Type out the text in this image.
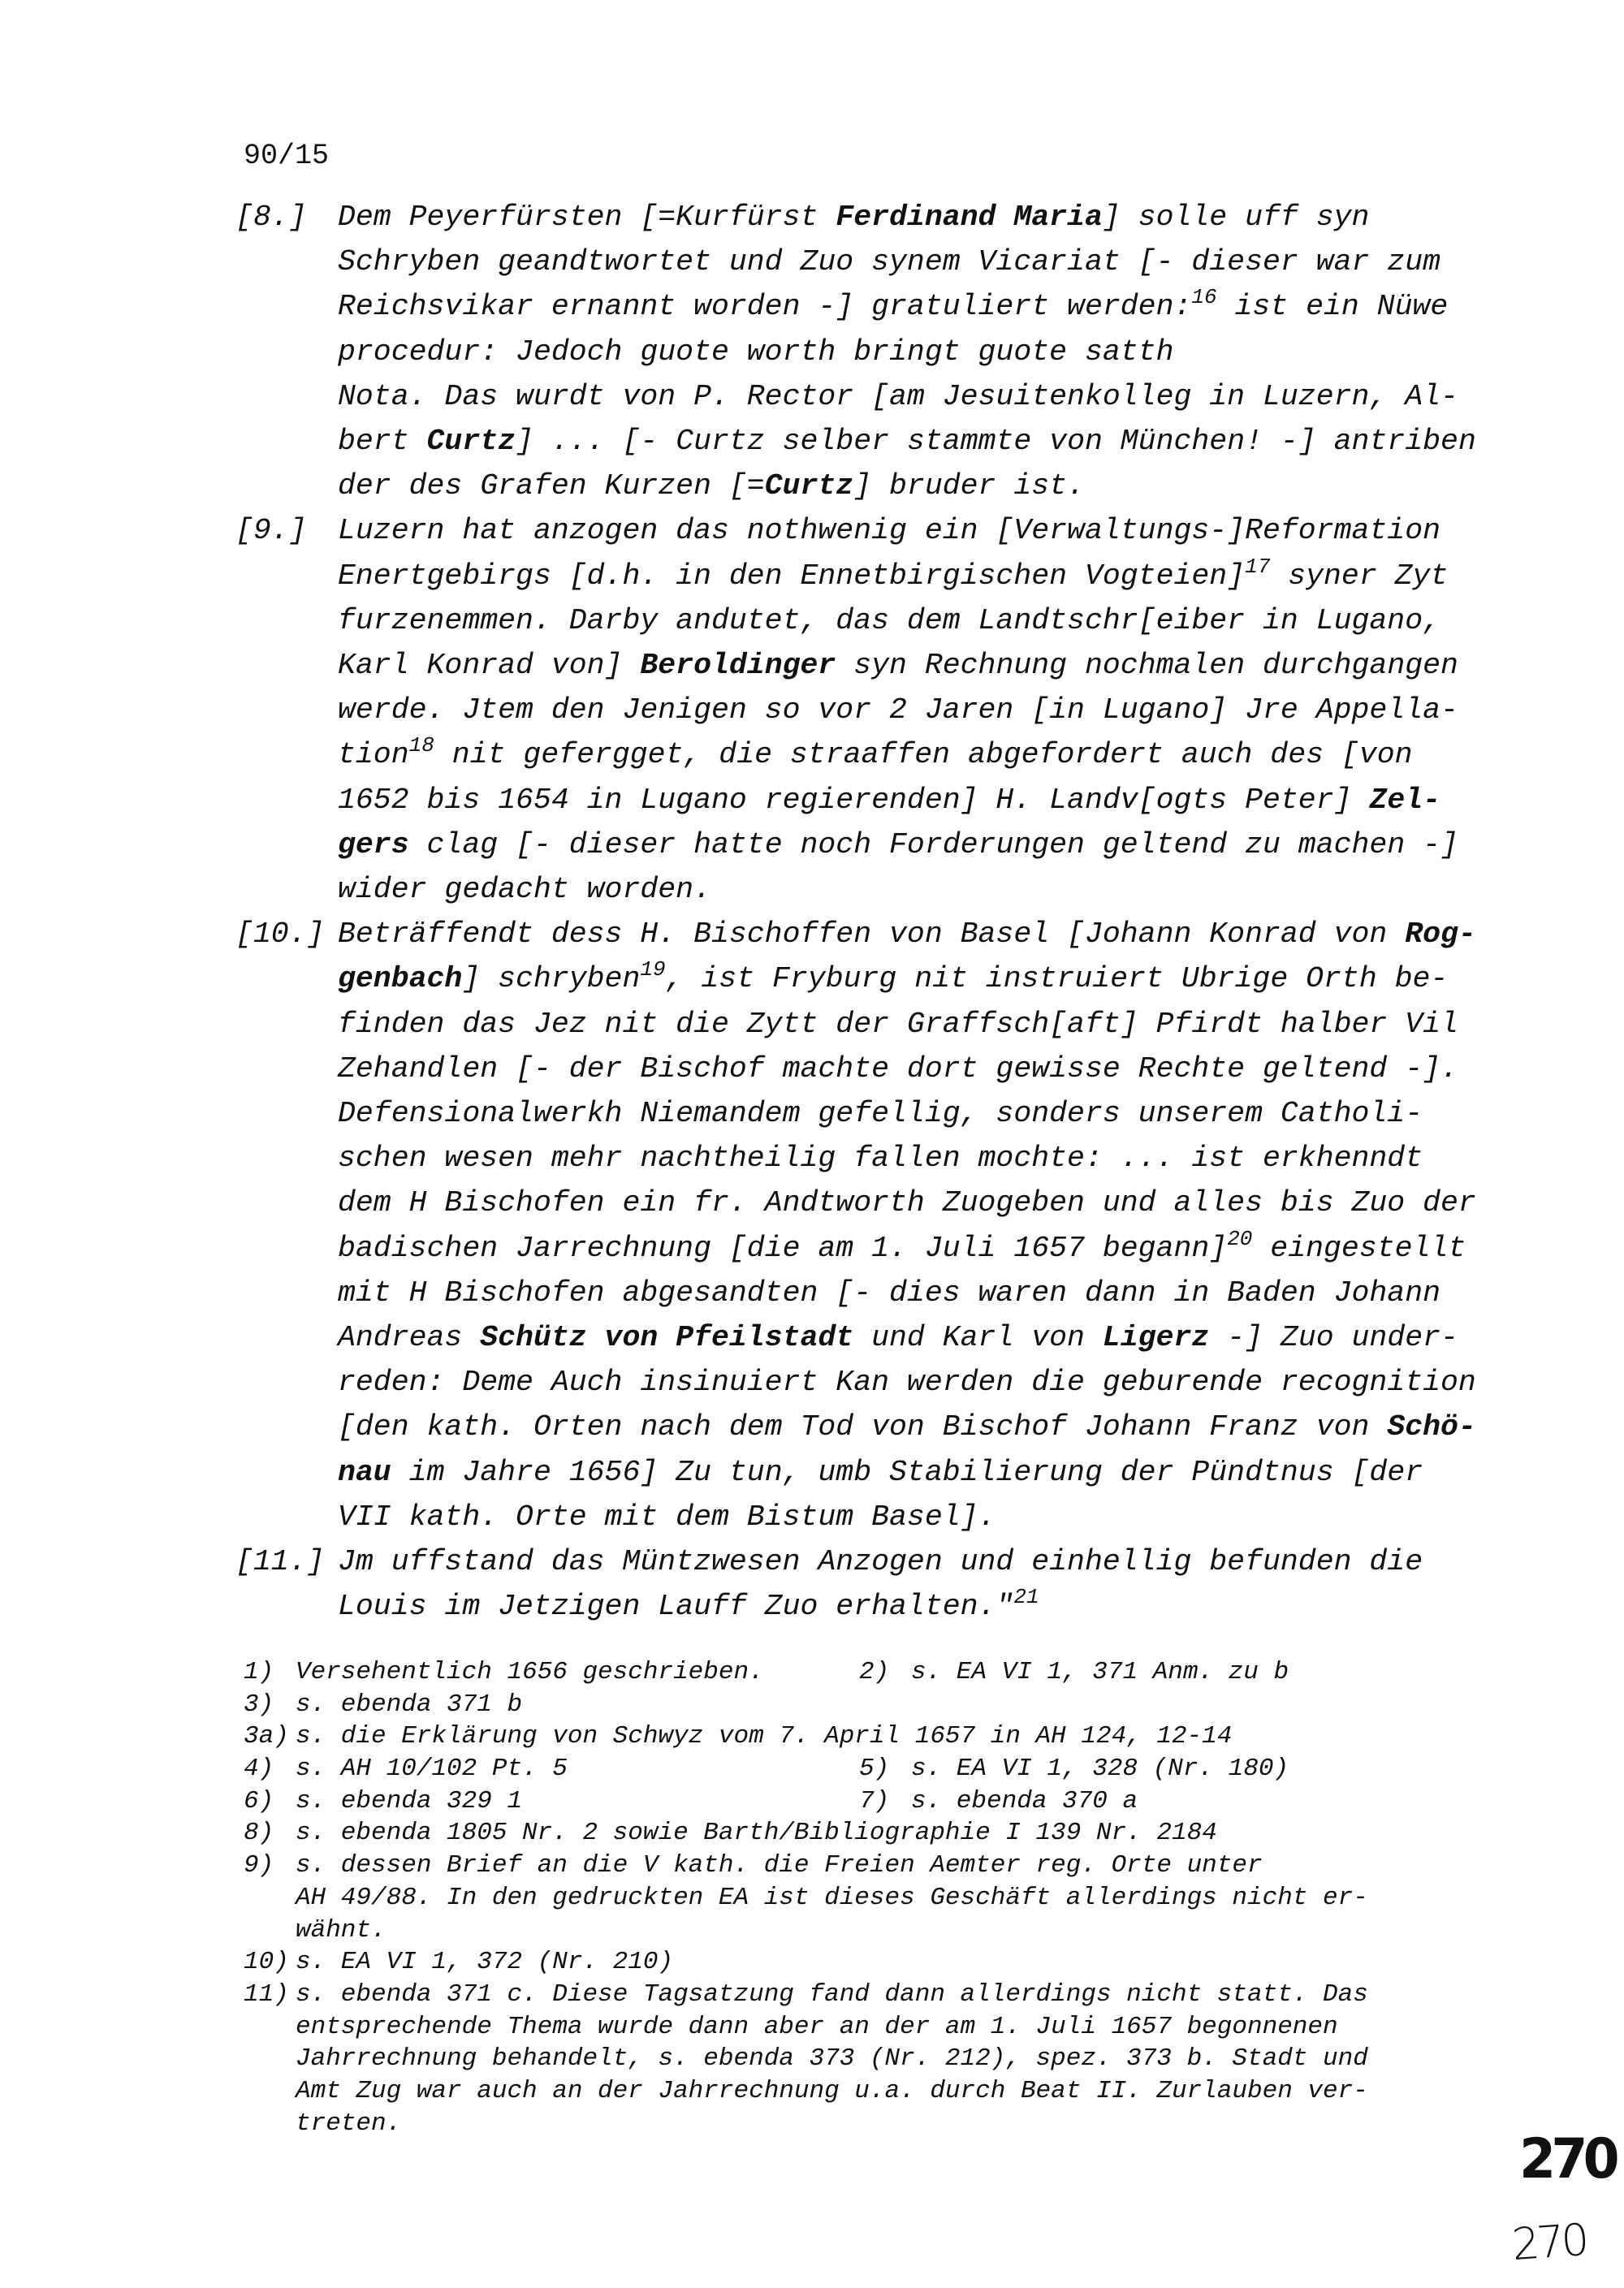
90/15
[8.] Dem Peyerfürsten [=Kurfürst Ferdinand Maria] solle uff syn
Schryben geandtwortet und Zuo synem Vicariat [- dieser war zum
Reichsvikar ernannt worden -] gratuliert werden:$^{16}$ ist ein Nüwe
procedur: Jedoch guote worth bringt guote satth
Nota. Das wurdt von P. Rector [am Jesuitenkolleg in Luzern, Al-
bert Curtz] ... [- Curtz selber stammte von München! -] antriben
der des Grafen Kurzen [=Curtz] bruder ist.
[9.] Luzern hat anzogen das nothwenig ein [Verwaltungs-]Reformation
Enertgebirgs [d.h. in den Ennetbirgischen Vogteien]$^{17}$ syner Zyt
furzenemmen. Darby andutet, das dem Landtschr[eiber in Lugano,
Karl Konrad von] Beroldinger syn Rechnung nochmalen durchgangen
werde. Jtem den Jenigen so vor 2 Jaren [in Lugano] Jre Appella-
tion$^{18}$ nit gefergget, die straaffen abgefordert auch des [von
1652 bis 1654 in Lugano regierenden] H. Landv[ogts Peter] Zel-
gers clag [- dieser hatte noch Forderungen geltend zu machen -]
wider gedacht worden.
[10.] Beträffendt dess H. Bischoffen von Basel [Johann Konrad von Rog-
genbach] schryben$^{19}$, ist Fryburg nit instruiert Ubrige Orth be-
finden das Jez nit die Zytt der Graffsch[aft] Pfirdt halber Vil
Zehandlen [- der Bischof machte dort gewisse Rechte geltend -].
Defensionalwerkh Niemandem gefellig, sonders unserem Catholi-
schen wesen mehr nachtheilig fallen mochte: ... ist erkhenndt
dem H Bischofen ein fr. Andtworth Zuogeben und alles bis Zuo der
badischen Jarrechnung [die am 1. Juli 1657 begann]$^{20}$ eingestellt
mit H Bischofen abgesandten [- dies waren dann in Baden Johann
Andreas Schütz von Pfeilstadt und Karl von Ligerz -] Zuo under-
reden: Deme Auch insinuiert Kan werden die geburende recognition
[den kath. Orten nach dem Tod von Bischof Johann Franz von Schö-
nau im Jahre 1656] Zu tun, umb Stabilierung der Pündtnus [der
VII kath. Orte mit dem Bistum Basel].
[11.] Jm uffstand das Müntzwesen Anzogen und einhellig befunden die
Louis im Jetzigen Lauff Zuo erhalten."$^{21}$
1) Versehentlich 1656 geschrieben.	2) s. EA VI 1, 371 Anm. zu b
3) s. ebenda 371 b
3a) s. die Erklärung von Schwyz vom 7. April 1657 in AH 124, 12-14
4) s. AH 10/102 Pt. 5	5) s. EA VI 1, 328 (Nr. 180)
6) s. ebenda 329 1	7) s. ebenda 370 a
8) s. ebenda 1805 Nr. 2 sowie Barth/Bibliographie I 139 Nr. 2184
9) s. dessen Brief an die V kath. die Freien Aemter reg. Orte unter
AH 49/88. In den gedruckten EA ist dieses Geschäft allerdings nicht er-
wähnt.
10) s. EA VI 1, 372 (Nr. 210)
11) s. ebenda 371 c. Diese Tagsatzung fand dann allerdings nicht statt. Das
entsprechende Thema wurde dann aber an der am 1. Juli 1657 begonnenen
Jahrrechnung behandelt, s. ebenda 373 (Nr. 212), spez. 373 b. Stadt und
Amt Zug war auch an der Jahrrechnung u.a. durch Beat II. Zurlauben ver-
treten.
270
270
